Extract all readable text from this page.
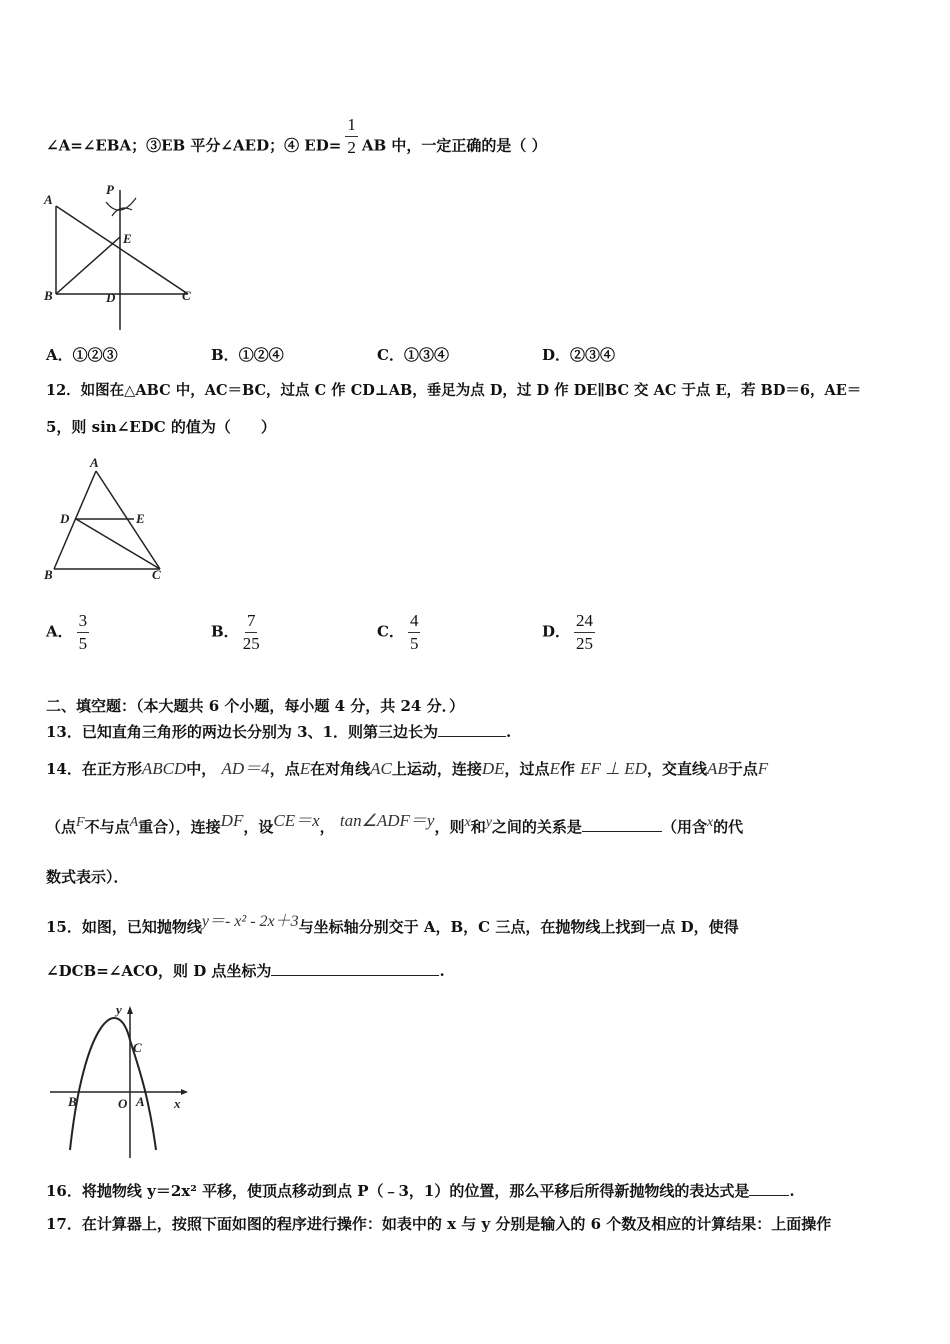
∠A=∠EBA；③EB 平分∠AED；④ $ED= \frac{1}{2}$ AB 中，一定正确的是（ ）
A
P
E
B	D	C
A．①②③	B．①②④	C．①③④	D．②③④
12．如图在△ABC 中，AC＝BC，过点 C 作 CD⊥AB，垂足为点 D，过 D 作 DE∥BC 交 AC 于点 E，若 BD＝6，AE＝
5，则 sin∠EDC 的值为（　　）
A
D	E
B	C
A． $\frac{3}{5}$	B． $\frac{7}{25}$	C． $\frac{4}{5}$	D． $\frac{24}{25}$
二、填空题：（本大题共 6 个小题，每小题 4 分，共 24 分．）
13．已知直角三角形的两边长分别为 3、1．则第三边长为	.
14．在正方形ABCD中， AD＝4，点E在对角线AC上运动，连接DE，过点E作 EF ⊥ ED，交直线AB于点F
（点$^F$不与点$^A$重合），连接$^{DF}$，设$^{CE=x}$， $^{tan\angle ADF=y}$，则$^x$和$^y$之间的关系是	（用含$^x$的代
数式表示）．
15．如图，已知抛物线$^{y=- x^2 - 2x+3}$与坐标轴分别交于 A，B，C 三点，在抛物线上找到一点 D，使得
∠DCB=∠ACO，则 D 点坐标为	.
y
C
B	O A x
16．将抛物线 y＝2x² 平移，使顶点移动到点 P（﹣3，1）的位置，那么平移后所得新抛物线的表达式是	.
17．在计算器上，按照下面如图的程序进行操作：如表中的 x 与 y 分别是输入的 6 个数及相应的计算结果：上面操作
